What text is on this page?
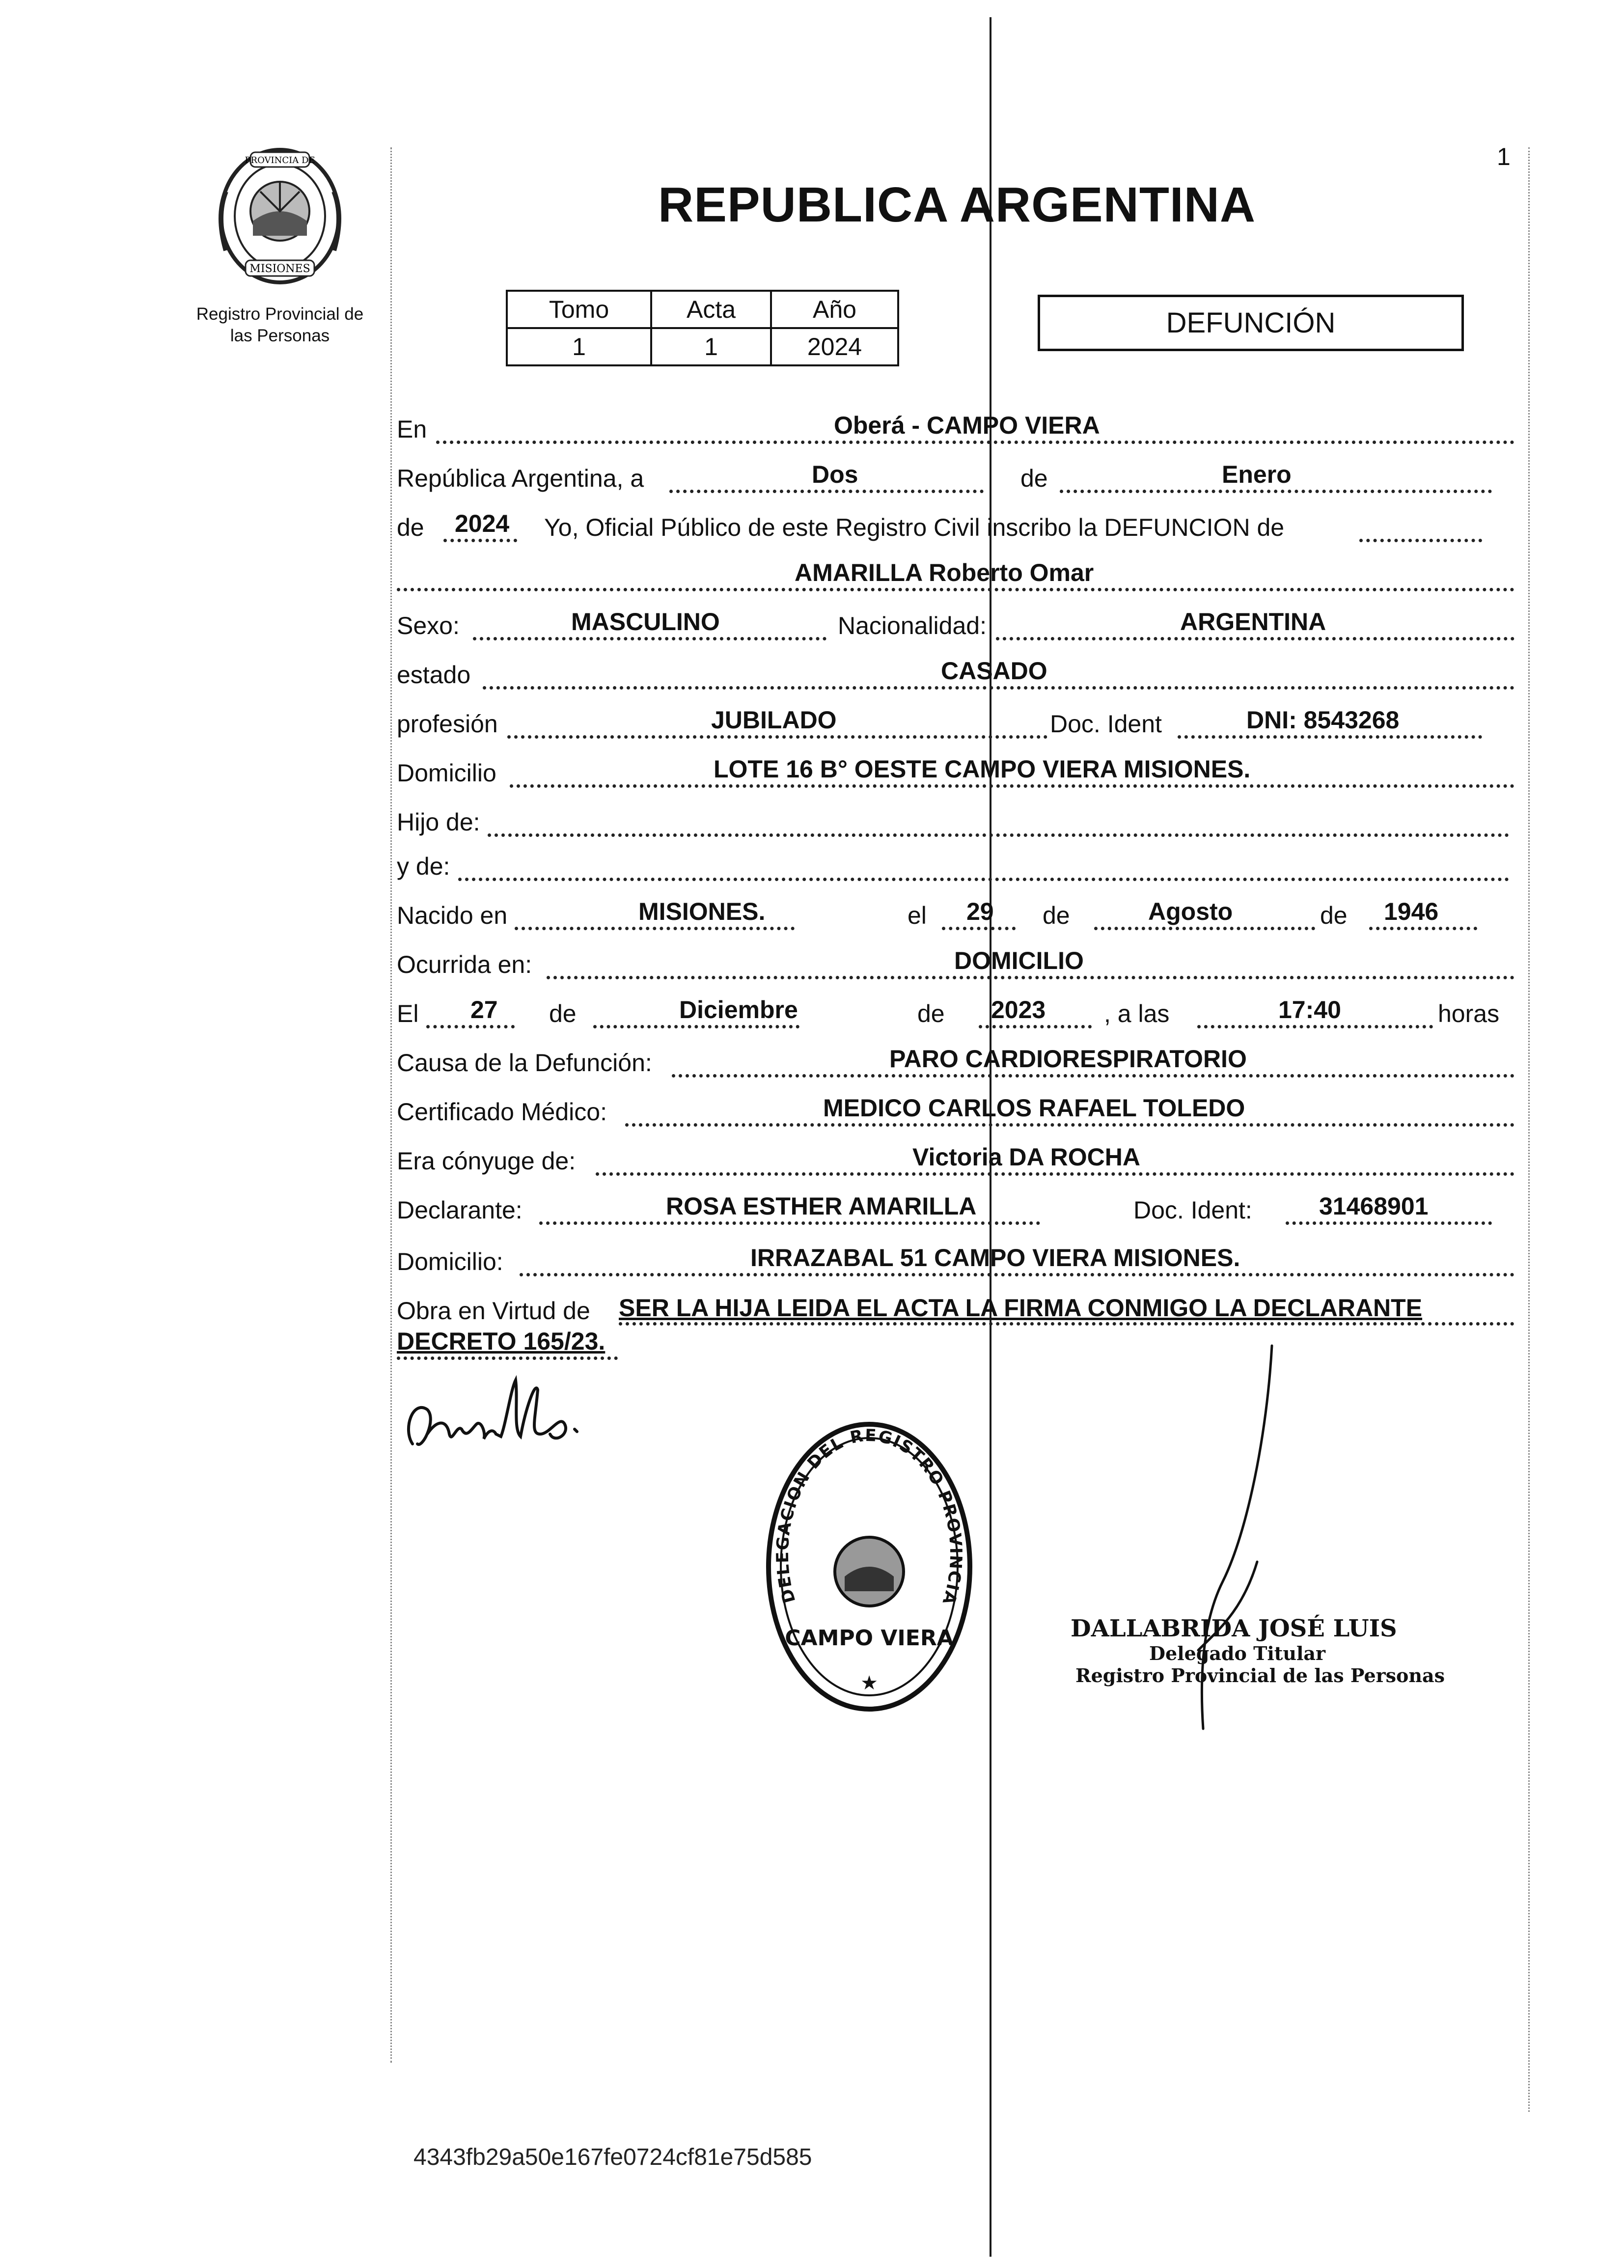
PROVINCIA DE
MISIONES
Registro Provincial de
las Personas
REPUBLICA ARGENTINA
1
Tomo	Acta	Año
1	1	2024
DEFUNCIÓN
En	Oberá - CAMPO VIERA
República Argentina, a	Dos	de	Enero
de 2024 Yo, Oficial Público de este Registro Civil inscribo la DEFUNCION de
AMARILLA Roberto Omar
Sexo:	MASCULINO	Nacionalidad:	ARGENTINA
estado	CASADO
profesión	JUBILADO	Doc. Ident	DNI: 8543268
Domicilio	LOTE 16 B° OESTE CAMPO VIERA MISIONES.
Hijo de:
y de:
Nacido en	MISIONES.	el 29 de	Agosto	de 1946
Ocurrida en:	DOMICILIO
El 27 de	Diciembre	de 2023 , a las	17:40	horas
Causa de la Defunción:	PARO CARDIORESPIRATORIO
Certificado Médico:	MEDICO CARLOS RAFAEL TOLEDO
Era cónyuge de:	Victoria DA ROCHA
Declarante:	ROSA ESTHER AMARILLA	Doc. Ident:	31468901
Domicilio:	IRRAZABAL 51 CAMPO VIERA MISIONES.
Obra en Virtud de SER LA HIJA LEIDA EL ACTA LA FIRMA CONMIGO LA DECLARANTE
DECRETO 165/23.
DELEGACION DEL REGISTRO PROVINCIA
CAMPO VIERA
★
DALLABRIDA JOSÉ LUIS
Delegado Titular
Registro Provincial de las Personas
4343fb29a50e167fe0724cf81e75d585
